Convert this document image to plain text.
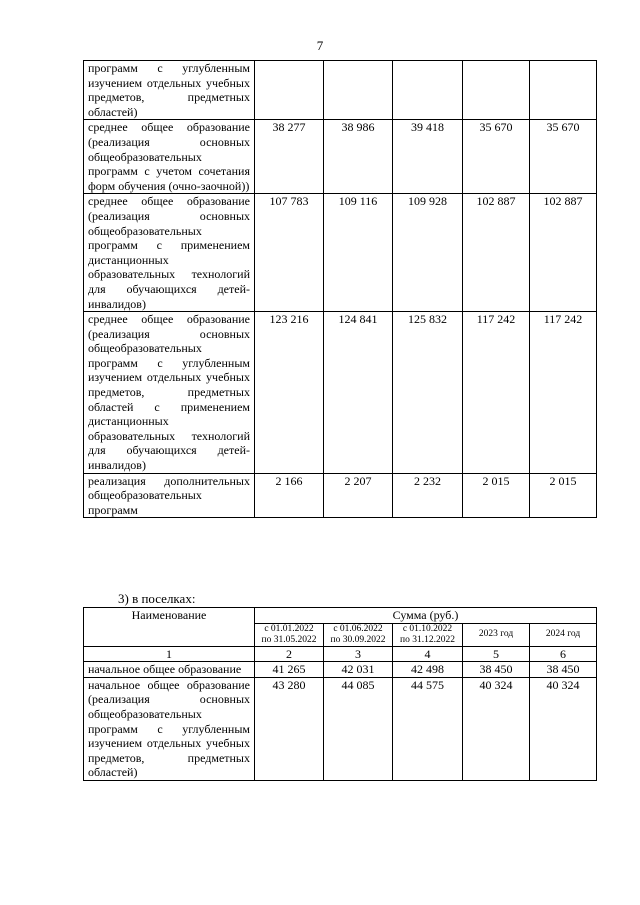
7
программ с углубленным изучением отдельных учебных предметов, предметных областей)					
среднее общее образование (реализация основных общеобразовательных программ с учетом сочетания форм обучения (очно-заочной))	38 277	38 986	39 418	35 670	35 670
среднее общее образование (реализация основных общеобразовательных программ с применением дистанционных образовательных технологий для обучающихся детей-инвалидов)	107 783	109 116	109 928	102 887	102 887
среднее общее образование (реализация основных общеобразовательных программ с углубленным изучением отдельных учебных предметов, предметных областей с применением дистанционных образовательных технологий для обучающихся детей-инвалидов)	123 216	124 841	125 832	117 242	117 242
реализация дополнительных общеобразовательных программ	2 166	2 207	2 232	2 015	2 015
3) в поселках:
Наименование	Сумма (руб.)				
	с 01.01.2022 по 31.05.2022	с 01.06.2022 по 30.09.2022	с 01.10.2022 по 31.12.2022	2023 год	2024 год
1	2	3	4	5	6
начальное общее образование	41 265	42 031	42 498	38 450	38 450
начальное общее образование (реализация основных общеобразовательных программ с углубленным изучением отдельных учебных предметов, предметных областей)	43 280	44 085	44 575	40 324	40 324
